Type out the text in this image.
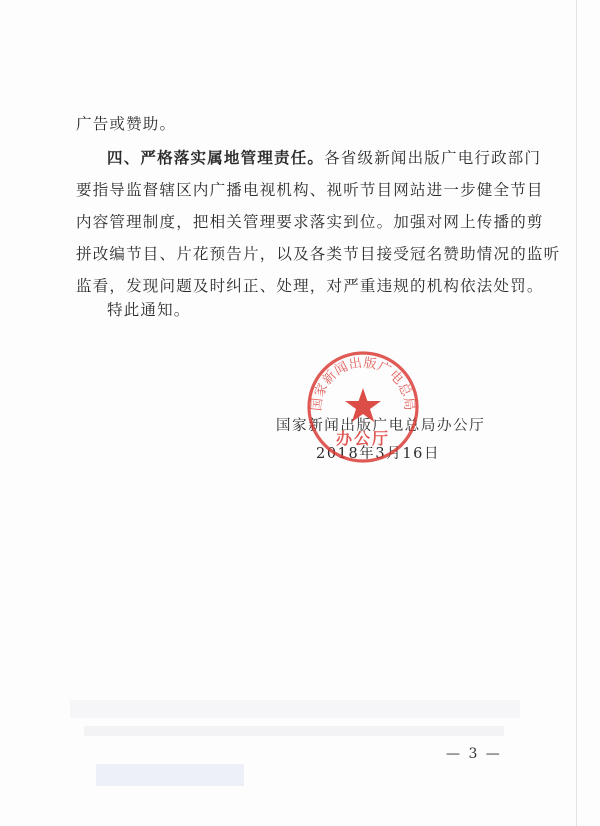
广告或赞助。
四、严格落实属地管理责任。各省级新闻出版广电行政部门
要指导监督辖区内广播电视机构、视听节目网站进一步健全节目
内容管理制度，把相关管理要求落实到位。加强对网上传播的剪
拼改编节目、片花预告片，以及各类节目接受冠名赞助情况的监听
监看，发现问题及时纠正、处理，对严重违规的机构依法处罚。
特此通知。
国家新闻出版广电总局办公厅
2018年3月16日
国家新闻出版广电总局
办公厅
— 3 —
